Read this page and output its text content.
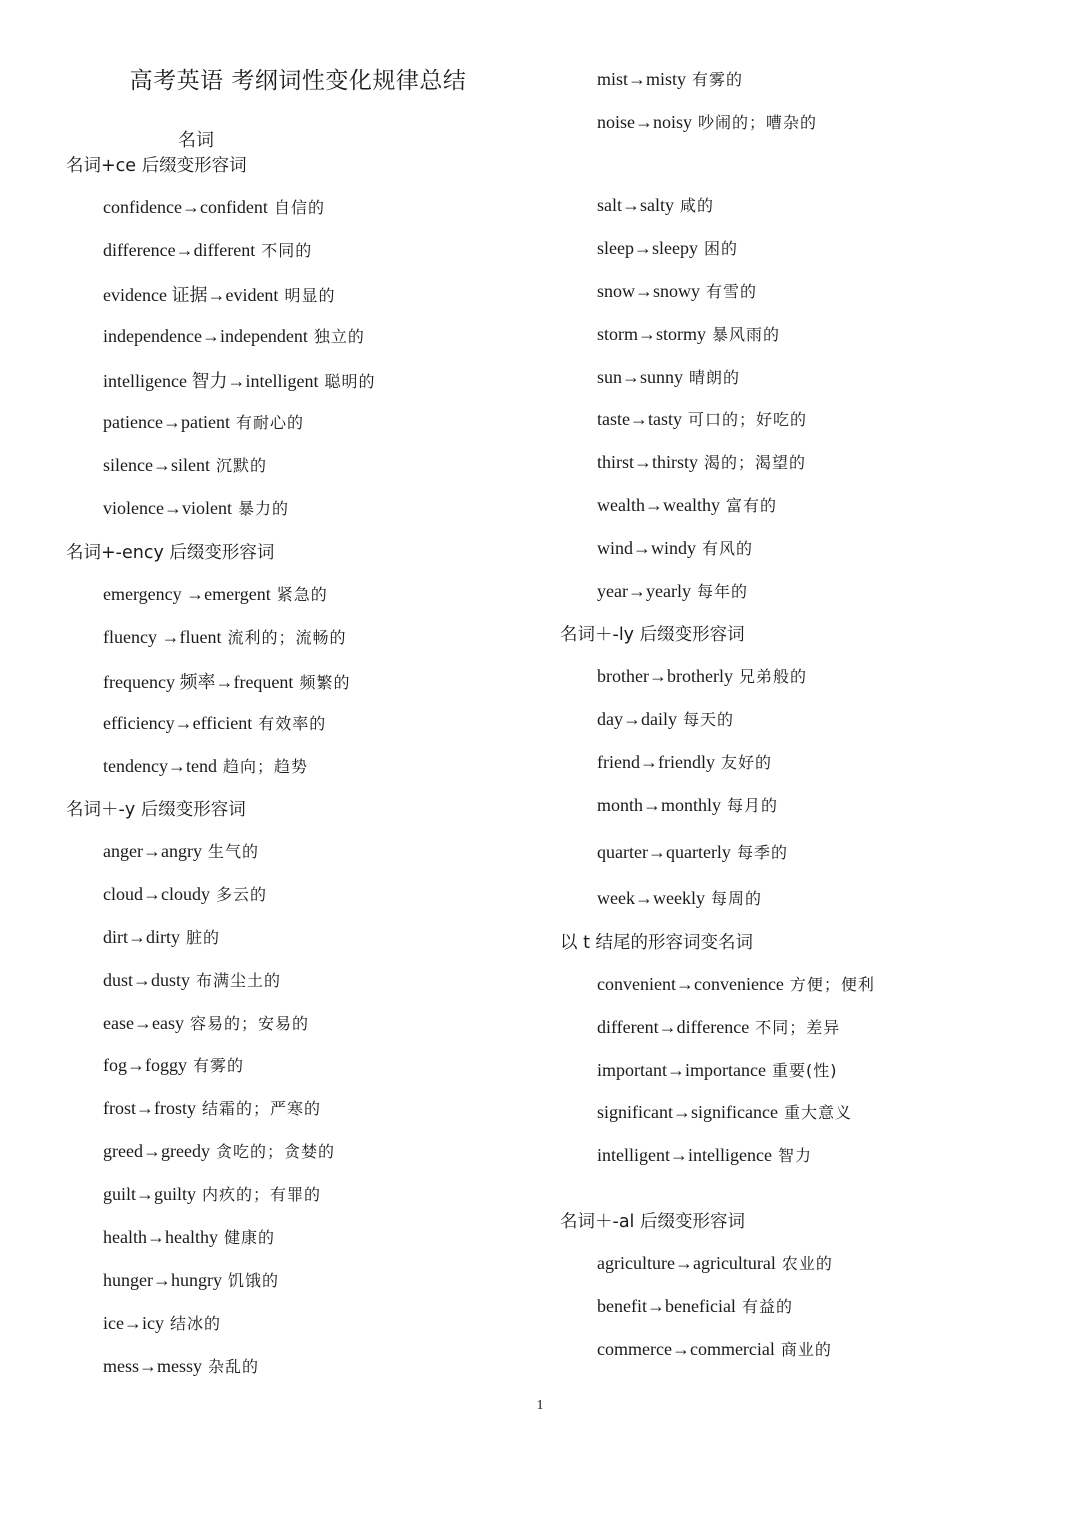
高考英语 考纲词性变化规律总结
名词
名词+ce 后缀变形容词
confidence→confident 自信的
difference→different 不同的
evidence 证据→evident 明显的
independence→independent 独立的
intelligence 智力→intelligent 聪明的
patience→patient 有耐心的
silence→silent 沉默的
violence→violent 暴力的
名词+-ency 后缀变形容词
emergency →emergent 紧急的
fluency →fluent 流利的；流畅的
frequency 频率→frequent 频繁的
efficiency→efficient 有效率的
tendency→tend 趋向；趋势
名词＋-y 后缀变形容词
anger→angry 生气的
cloud→cloudy 多云的
dirt→dirty 脏的
dust→dusty 布满尘土的
ease→easy 容易的；安易的
fog→foggy 有雾的
frost→frosty 结霜的；严寒的
greed→greedy 贪吃的；贪婪的
guilt→guilty 内疚的；有罪的
health→healthy 健康的
hunger→hungry 饥饿的
ice→icy 结冰的
mess→messy 杂乱的
mist→misty 有雾的
noise→noisy 吵闹的；嘈杂的
salt→salty 咸的
sleep→sleepy 困的
snow→snowy 有雪的
storm→stormy 暴风雨的
sun→sunny 晴朗的
taste→tasty 可口的；好吃的
thirst→thirsty 渴的；渴望的
wealth→wealthy 富有的
wind→windy 有风的
year→yearly 每年的
名词＋-ly 后缀变形容词
brother→brotherly 兄弟般的
day→daily 每天的
friend→friendly 友好的
month→monthly 每月的
quarter→quarterly 每季的
week→weekly 每周的
以 t 结尾的形容词变名词
convenient→convenience 方便；便利
different→difference 不同；差异
important→importance 重要(性)
significant→significance 重大意义
intelligent→intelligence 智力
名词＋-al 后缀变形容词
agriculture→agricultural 农业的
benefit→beneficial 有益的
commerce→commercial 商业的
1
